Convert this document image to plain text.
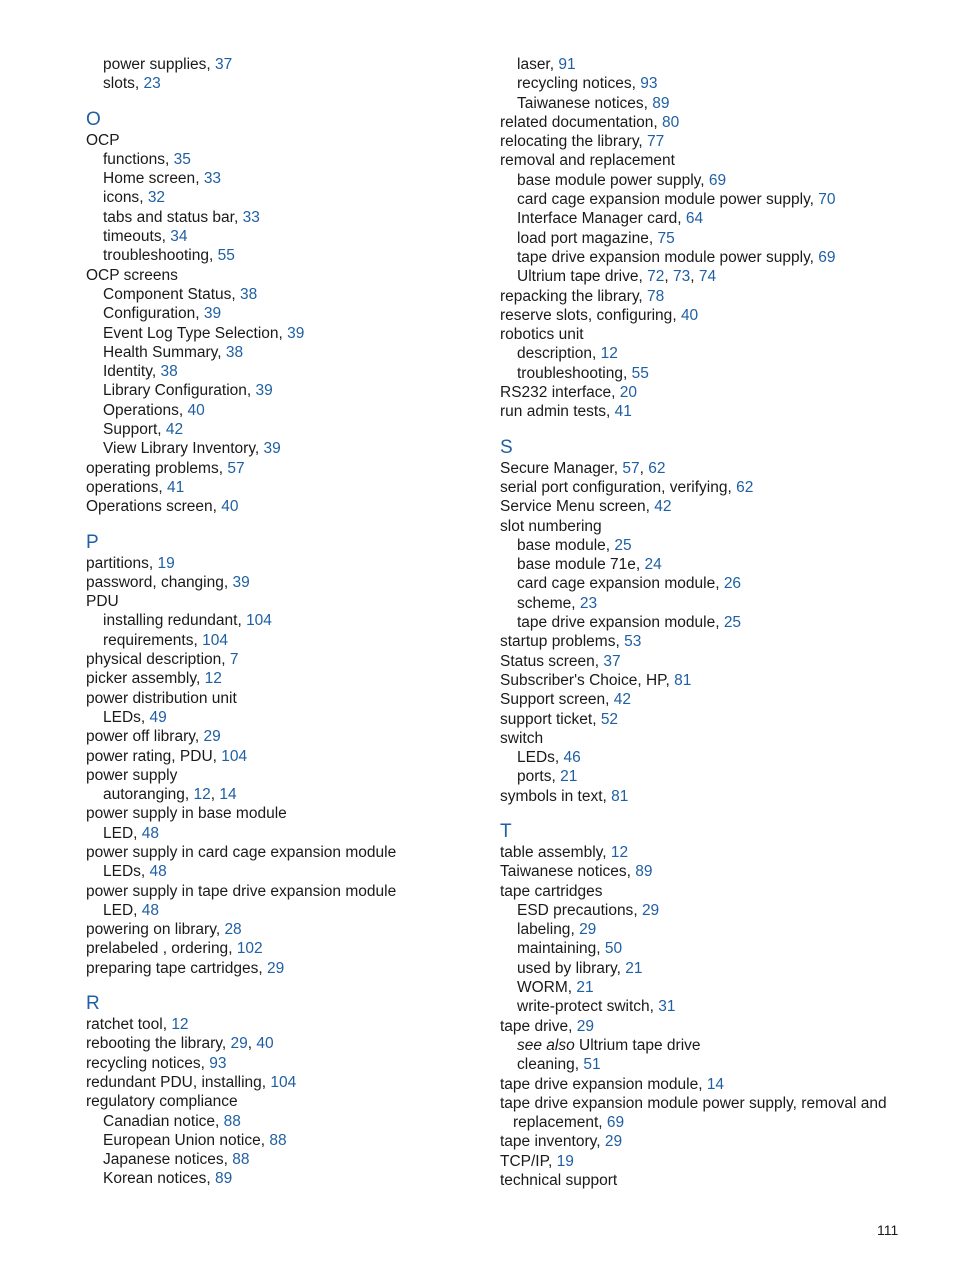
power supplies, 37
slots, 23
O
OCP
functions, 35
Home screen, 33
icons, 32
tabs and status bar, 33
timeouts, 34
troubleshooting, 55
OCP screens
Component Status, 38
Configuration, 39
Event Log Type Selection, 39
Health Summary, 38
Identity, 38
Library Configuration, 39
Operations, 40
Support, 42
View Library Inventory, 39
operating problems, 57
operations, 41
Operations screen, 40
P
partitions, 19
password, changing, 39
PDU
installing redundant, 104
requirements, 104
physical description, 7
picker assembly, 12
power distribution unit
LEDs, 49
power off library, 29
power rating, PDU, 104
power supply
autoranging, 12, 14
power supply in base module
LED, 48
power supply in card cage expansion module
LEDs, 48
power supply in tape drive expansion module
LED, 48
powering on library, 28
prelabeled , ordering, 102
preparing tape cartridges, 29
R
ratchet tool, 12
rebooting the library, 29, 40
recycling notices, 93
redundant PDU, installing, 104
regulatory compliance
Canadian notice, 88
European Union notice, 88
Japanese notices, 88
Korean notices, 89
laser, 91
recycling notices, 93
Taiwanese notices, 89
related documentation, 80
relocating the library, 77
removal and replacement
base module power supply, 69
card cage expansion module power supply, 70
Interface Manager card, 64
load port magazine, 75
tape drive expansion module power supply, 69
Ultrium tape drive, 72, 73, 74
repacking the library, 78
reserve slots, configuring, 40
robotics unit
description, 12
troubleshooting, 55
RS232 interface, 20
run admin tests, 41
S
Secure Manager, 57, 62
serial port configuration, verifying, 62
Service Menu screen, 42
slot numbering
base module, 25
base module 71e, 24
card cage expansion module, 26
scheme, 23
tape drive expansion module, 25
startup problems, 53
Status screen, 37
Subscriber's Choice, HP, 81
Support screen, 42
support ticket, 52
switch
LEDs, 46
ports, 21
symbols in text, 81
T
table assembly, 12
Taiwanese notices, 89
tape cartridges
ESD precautions, 29
labeling, 29
maintaining, 50
used by library, 21
WORM, 21
write-protect switch, 31
tape drive, 29
see also Ultrium tape drive
cleaning, 51
tape drive expansion module, 14
tape drive expansion module power supply, removal and replacement, 69
tape inventory, 29
TCP/IP, 19
technical support
111
